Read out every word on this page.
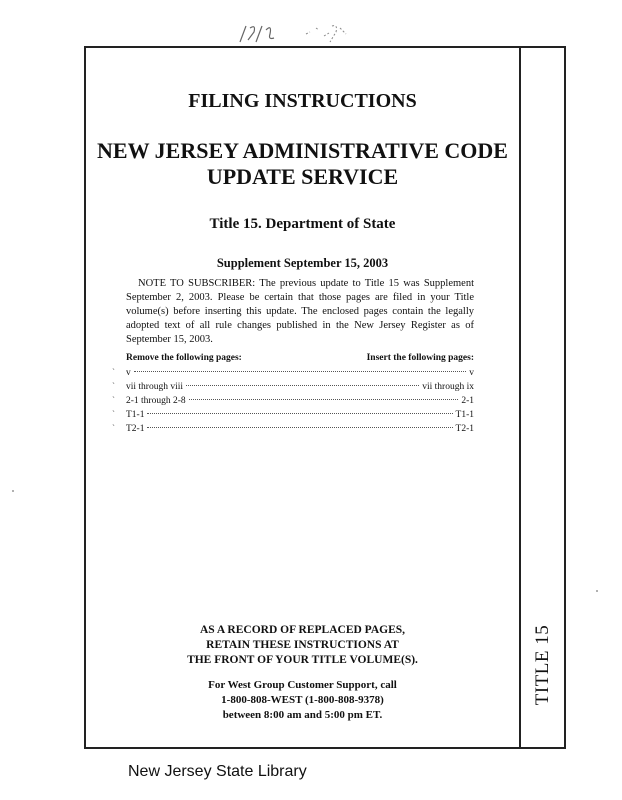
TITLE 15
FILING INSTRUCTIONS
NEW JERSEY ADMINISTRATIVE CODE
UPDATE SERVICE
Title 15. Department of State
Supplement September 15, 2003
NOTE TO SUBSCRIBER: The previous update to Title 15 was Supplement September 2, 2003. Please be certain that those pages are filed in your Title volume(s) before inserting this update. The enclosed pages contain the legally adopted text of all rule changes published in the New Jersey Register as of September 15, 2003.
Remove the following pages:	Insert the following pages:
v	v
vii through viii	vii through ix
2-1 through 2-8	2-1
T1-1	T1-1
T2-1	T2-1
AS A RECORD OF REPLACED PAGES,
RETAIN THESE INSTRUCTIONS AT
THE FRONT OF YOUR TITLE VOLUME(S).
For West Group Customer Support, call
1-800-808-WEST (1-800-808-9378)
between 8:00 am and 5:00 pm ET.
`
`
`
`
`
New Jersey State Library
